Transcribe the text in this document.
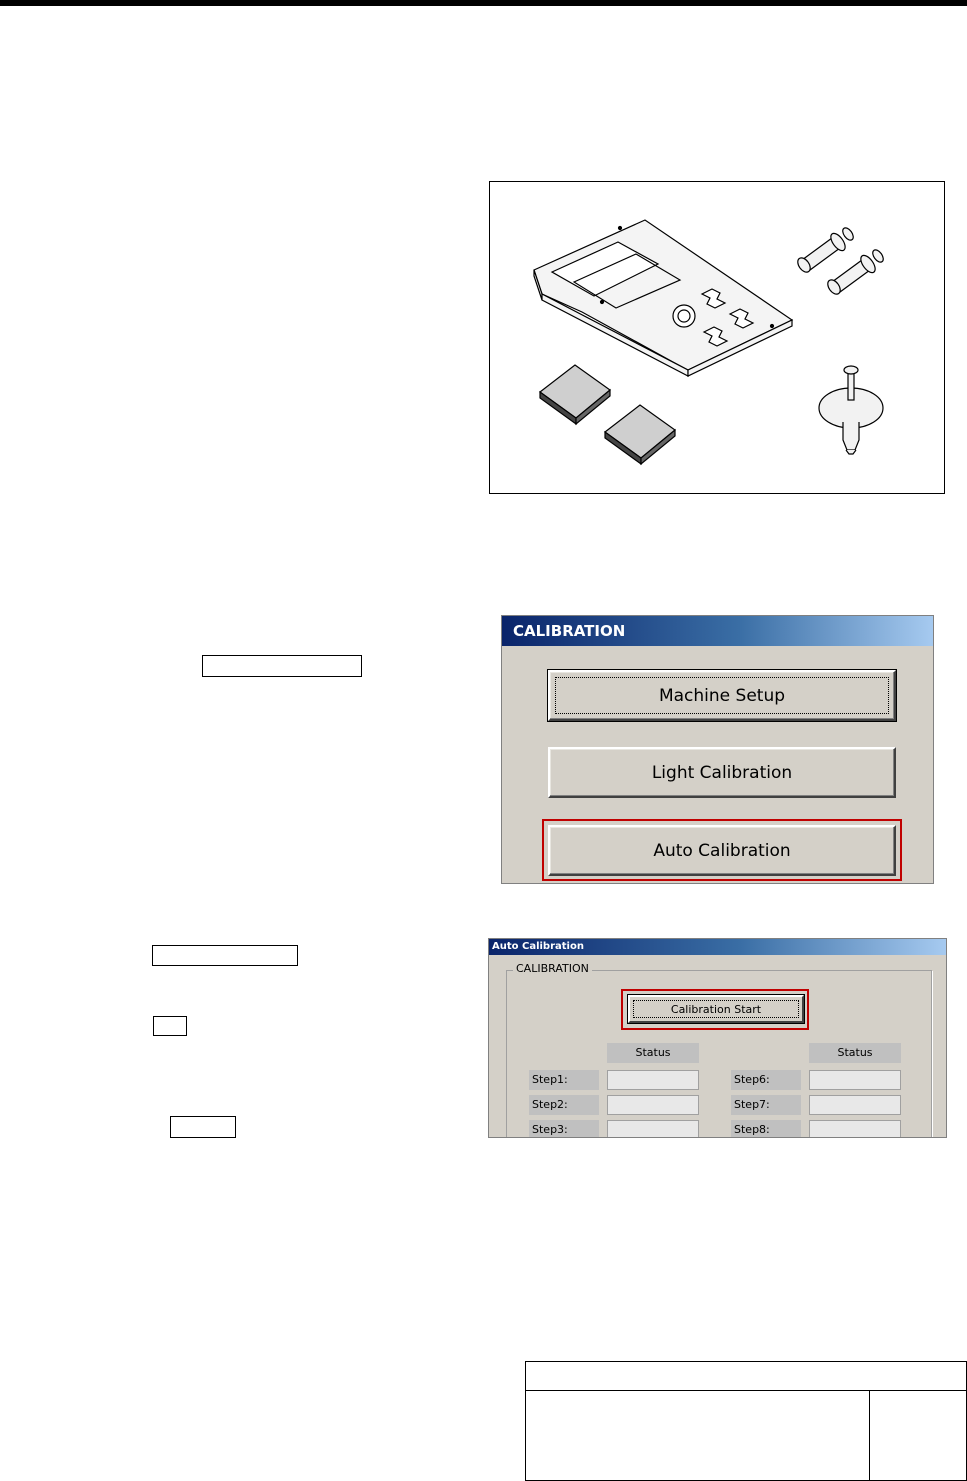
CALIBRATION
Machine Setup
Light Calibration
Auto Calibration
Auto Calibration
CALIBRATION
Calibration Start
Status	Status
Step1:
Step2:
Step3:
Step6:
Step7:
Step8:
